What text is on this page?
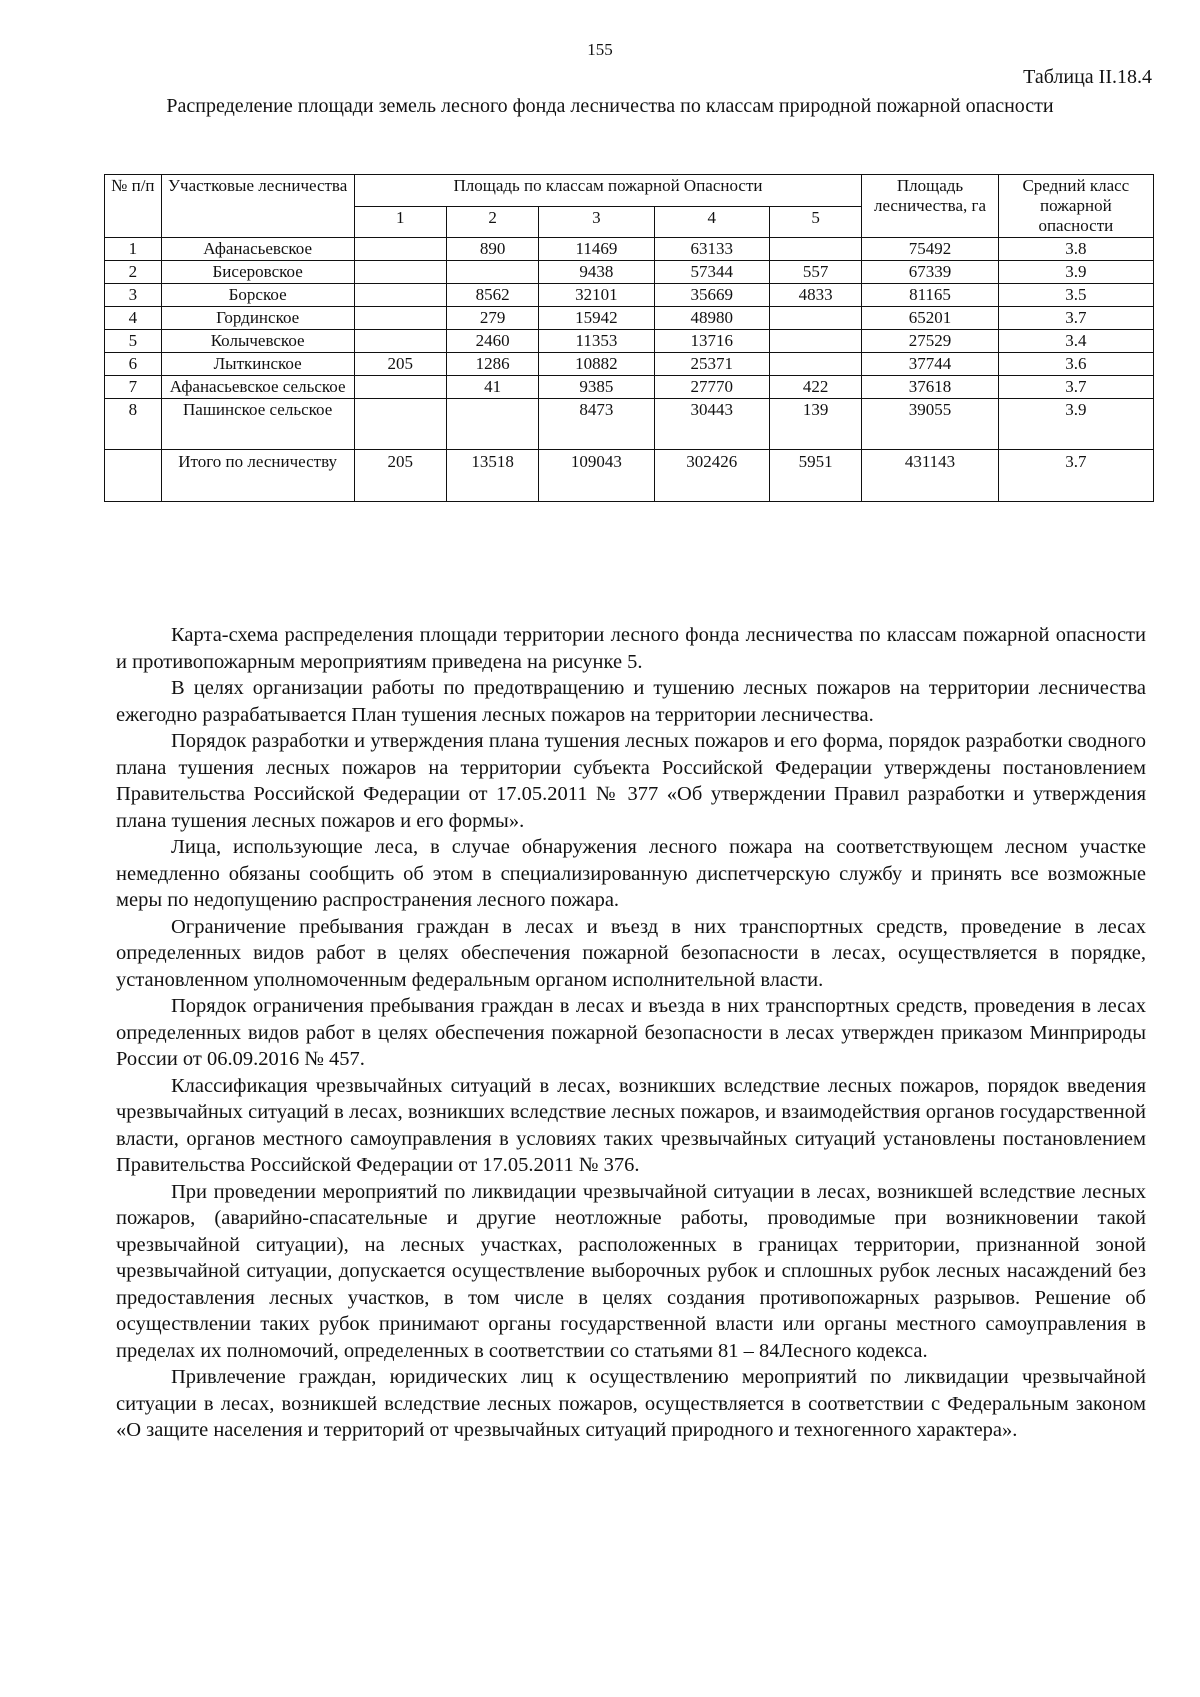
155
Таблица II.18.4
Распределение площади земель лесного фонда лесничества по классам природной пожарной опасности
№ п/п	Участковые лесничества	Площадь по классам пожарной Опасности					Площадь лесничества, га	Средний класс пожарной опасности
		1	2	3	4	5		
1	Афанасьевское		890	11469	63133		75492	3.8
2	Бисеровское			9438	57344	557	67339	3.9
3	Борское		8562	32101	35669	4833	81165	3.5
4	Гординское		279	15942	48980		65201	3.7
5	Колычевское		2460	11353	13716		27529	3.4
6	Лыткинское	205	1286	10882	25371		37744	3.6
7	Афанасьевское сельское		41	9385	27770	422	37618	3.7
8	Пашинское сельское			8473	30443	139	39055	3.9
	Итого по лесничеству	205	13518	109043	302426	5951	431143	3.7

Карта-схема распределения площади территории лесного фонда лесничества по классам пожарной опасности и противопожарным мероприятиям приведена на рисунке 5.

В целях организации работы по предотвращению и тушению лесных пожаров на территории лесничества ежегодно разрабатывается План тушения лесных пожаров на территории лесничества.

Порядок разработки и утверждения плана тушения лесных пожаров и его форма, порядок разработки сводного плана тушения лесных пожаров на территории субъекта Российской Федерации утверждены постановлением Правительства Российской Федерации от 17.05.2011 № 377 «Об утверждении Правил разработки и утверждения плана тушения лесных пожаров и его формы».

Лица, использующие леса, в случае обнаружения лесного пожара на соответствующем лесном участке немедленно обязаны сообщить об этом в специализированную диспетчерскую службу и принять все возможные меры по недопущению распространения лесного пожара.

Ограничение пребывания граждан в лесах и въезд в них транспортных средств, проведение в лесах определенных видов работ в целях обеспечения пожарной безопасности в лесах, осуществляется в порядке, установленном уполномоченным федеральным органом исполнительной власти.

Порядок ограничения пребывания граждан в лесах и въезда в них транспортных средств, проведения в лесах определенных видов работ в целях обеспечения пожарной безопасности в лесах утвержден приказом Минприроды России от 06.09.2016 № 457.

Классификация чрезвычайных ситуаций в лесах, возникших вследствие лесных пожаров, порядок введения чрезвычайных ситуаций в лесах, возникших вследствие лесных пожаров, и взаимодействия органов государственной власти, органов местного самоуправления в условиях таких чрезвычайных ситуаций установлены постановлением Правительства Российской Федерации от 17.05.2011 № 376.

При проведении мероприятий по ликвидации чрезвычайной ситуации в лесах, возникшей вследствие лесных пожаров, (аварийно-спасательные и другие неотложные работы, проводимые при возникновении такой чрезвычайной ситуации), на лесных участках, расположенных в границах территории, признанной зоной чрезвычайной ситуации, допускается осуществление выборочных рубок и сплошных рубок лесных насаждений без предоставления лесных участков, в том числе в целях создания противопожарных разрывов. Решение об осуществлении таких рубок принимают органы государственной власти или органы местного самоуправления в пределах их полномочий, определенных в соответствии со статьями 81 – 84Лесного кодекса.

Привлечение граждан, юридических лиц к осуществлению мероприятий по ликвидации чрезвычайной ситуации в лесах, возникшей вследствие лесных пожаров, осуществляется в соответствии с Федеральным законом «О защите населения и территорий от чрезвычайных ситуаций природного и техногенного характера».
